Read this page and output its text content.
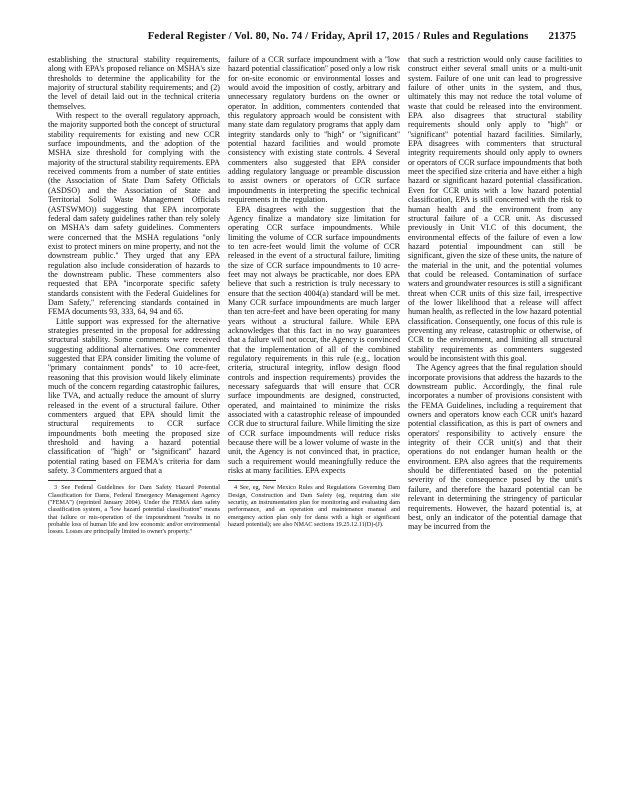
Federal Register / Vol. 80, No. 74 / Friday, April 17, 2015 / Rules and Regulations 21375

establishing the structural stability requirements, along with EPA's proposed reliance on MSHA's size thresholds to determine the applicability for the majority of structural stability requirements; and (2) the level of detail laid out in the technical criteria themselves.

With respect to the overall regulatory approach, the majority supported both the concept of structural stability requirements for existing and new CCR surface impoundments, and the adoption of the MSHA size threshold for complying with the majority of the structural stability requirements. EPA received comments from a number of state entities (the Association of State Dam Safety Officials (ASDSO) and the Association of State and Territorial Solid Waste Management Officials (ASTSWMO)) suggesting that EPA incorporate federal dam safety guidelines rather than rely solely on MSHA's dam safety guidelines. Commenters were concerned that the MSHA regulations ''only exist to protect miners on mine property, and not the downstream public.'' They urged that any EPA regulation also include consideration of hazards to the downstream public. These commenters also requested that EPA ''incorporate specific safety standards consistent with the Federal Guidelines for Dam Safety,'' referencing standards contained in FEMA documents 93, 333, 64, 94 and 65.

Little support was expressed for the alternative strategies presented in the proposal for addressing structural stability. Some comments were received suggesting additional alternatives. One commenter suggested that EPA consider limiting the volume of ''primary containment ponds'' to 10 acre-feet, reasoning that this provision would likely eliminate much of the concern regarding catastrophic failures, like TVA, and actually reduce the amount of slurry released in the event of a structural failure. Other commenters argued that EPA should limit the structural requirements to CCR surface impoundments both meeting the proposed size threshold and having a hazard potential classification of ''high'' or ''significant'' hazard potential rating based on FEMA's criteria for dam safety. 3 Commenters argued that a

3 See Federal Guidelines for Dam Safety Hazard Potential Classification for Dams, Federal Emergency Management Agency (''FEMA'') (reprinted January 2004). Under the FEMA dam safety classification system, a ''low hazard potential classification'' means that failure or mis-operation of the impoundment ''results in no probable loss of human life and low economic and/or environmental losses. Losses are principally limited to owner's property.''

failure of a CCR surface impoundment with a ''low hazard potential classification'' posed only a low risk for on-site economic or environmental losses and would avoid the imposition of costly, arbitrary and unnecessary regulatory burdens on the owner or operator. In addition, commenters contended that this regulatory approach would be consistent with many state dam regulatory programs that apply dam integrity standards only to ''high'' or ''significant'' potential hazard facilities and would promote consistency with existing state controls. 4 Several commenters also suggested that EPA consider adding regulatory language or preamble discussion to assist owners or operators of CCR surface impoundments in interpreting the specific technical requirements in the regulation.

EPA disagrees with the suggestion that the Agency finalize a mandatory size limitation for operating CCR surface impoundments. While limiting the volume of CCR surface impoundments to ten acre-feet would limit the volume of CCR released in the event of a structural failure, limiting the size of CCR surface impoundments to 10 acre-feet may not always be practicable, nor does EPA believe that such a restriction is truly necessary to ensure that the section 4004(a) standard will be met. Many CCR surface impoundments are much larger than ten acre-feet and have been operating for many years without a structural failure. While EPA acknowledges that this fact in no way guarantees that a failure will not occur, the Agency is convinced that the implementation of all of the combined regulatory requirements in this rule (e.g., location criteria, structural integrity, inflow design flood controls and inspection requirements) provides the necessary safeguards that will ensure that CCR surface impoundments are designed, constructed, operated, and maintained to minimize the risks associated with a catastrophic release of impounded CCR due to structural failure. While limiting the size of CCR surface impoundments will reduce risks because there will be a lower volume of waste in the unit, the Agency is not convinced that, in practice, such a requirement would meaningfully reduce the risks at many facilities. EPA expects

4 See, eg, New Mexico Rules and Regulations Governing Dam Design, Construction and Dam Safety (eg, requiring dam site security, an instrumentation plan for monitoring and evaluating dam performance, and an operation and maintenance manual and emergency action plan only for dams with a high or significant hazard potential); see also NMAC sections 19.25.12.11(D)-(J).

that such a restriction would only cause facilities to construct either several small units or a multi-unit system. Failure of one unit can lead to progressive failure of other units in the system, and thus, ultimately this may not reduce the total volume of waste that could be released into the environment. EPA also disagrees that structural stability requirements should only apply to ''high'' or ''significant'' potential hazard facilities. Similarly, EPA disagrees with commenters that structural integrity requirements should only apply to owners or operators of CCR surface impoundments that both meet the specified size criteria and have either a high hazard or significant hazard potential classification. Even for CCR units with a low hazard potential classification, EPA is still concerned with the risk to human health and the environment from any structural failure of a CCR unit. As discussed previously in Unit VI.C of this document, the environmental effects of the failure of even a low hazard potential impoundment can still be significant, given the size of these units, the nature of the material in the unit, and the potential volumes that could be released. Contamination of surface waters and groundwater resources is still a significant threat when CCR units of this size fail, irrespective of the lower likelihood that a release will affect human health, as reflected in the low hazard potential classification. Consequently, one focus of this rule is preventing any release, catastrophic or otherwise, of CCR to the environment, and limiting all structural stability requirements as commenters suggested would be inconsistent with this goal.

The Agency agrees that the final regulation should incorporate provisions that address the hazards to the downstream public. Accordingly, the final rule incorporates a number of provisions consistent with the FEMA Guidelines, including a requirement that owners and operators know each CCR unit's hazard potential classification, as this is part of owners and operators' responsibility to actively ensure the integrity of their CCR unit(s) and that their operations do not endanger human health or the environment. EPA also agrees that the requirements should be differentiated based on the potential severity of the consequence posed by the unit's failure, and therefore the hazard potential can be relevant in determining the stringency of particular requirements. However, the hazard potential is, at best, only an indicator of the potential damage that may be incurred from the
